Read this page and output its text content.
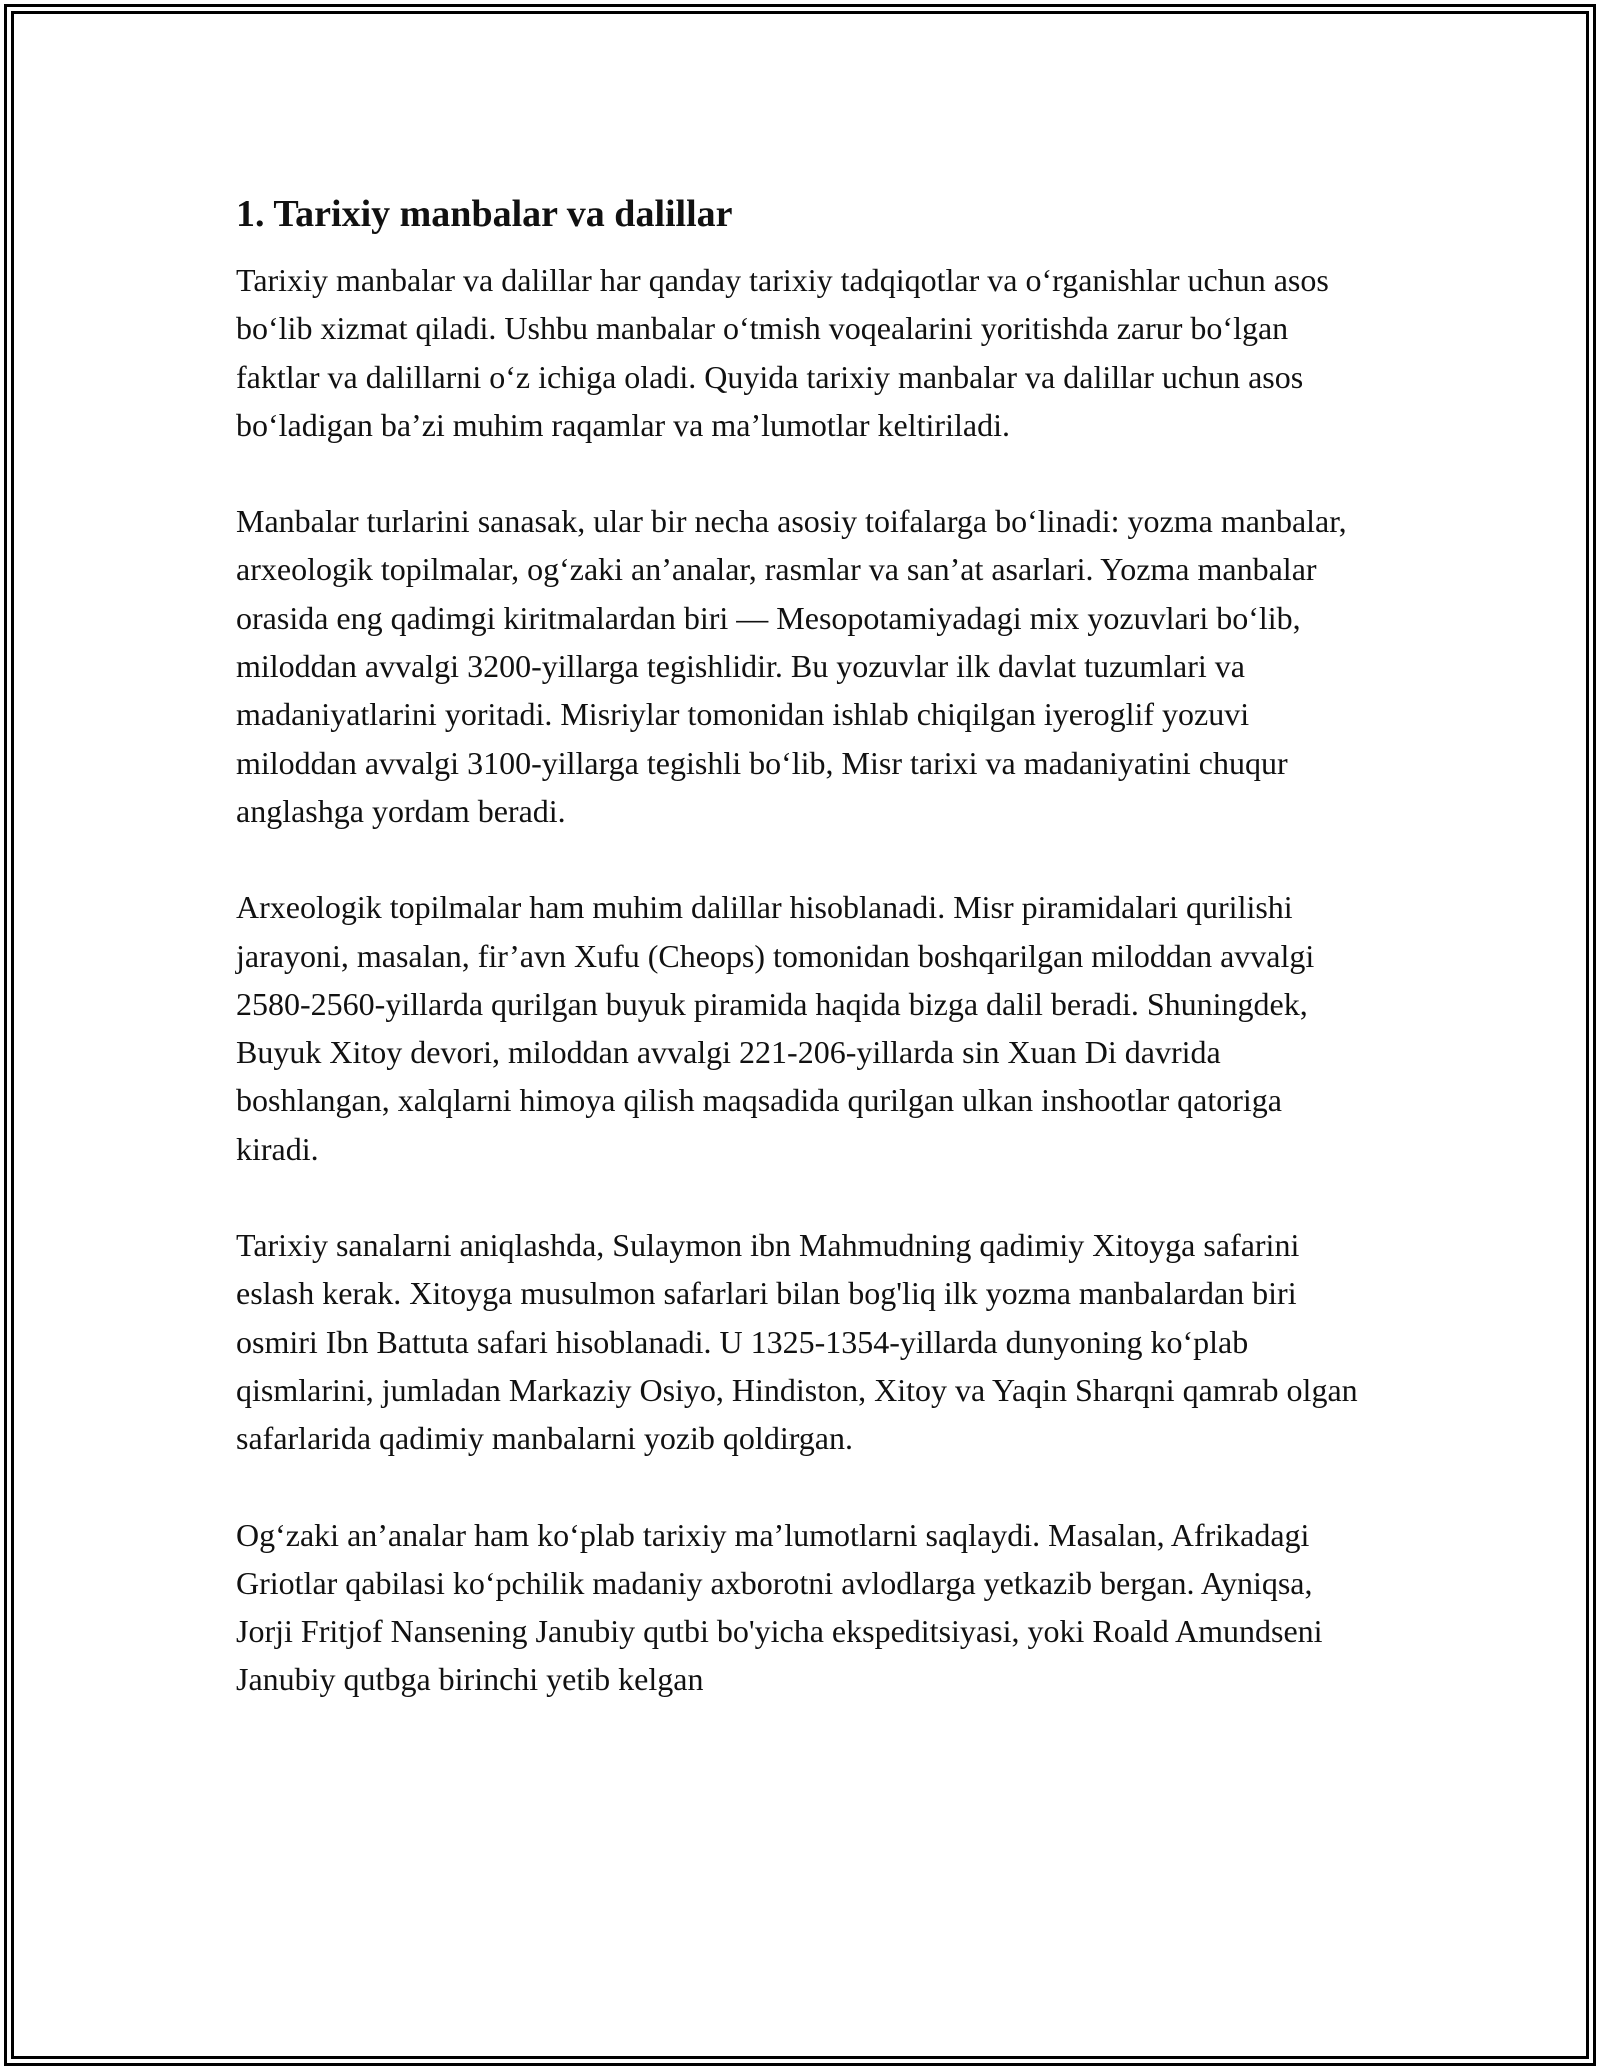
1. Tarixiy manbalar va dalillar

Tarixiy manbalar va dalillar har qanday tarixiy tadqiqotlar va o‘rganishlar uchun asos bo‘lib xizmat qiladi. Ushbu manbalar o‘tmish voqealarini yoritishda zarur bo‘lgan faktlar va dalillarni o‘z ichiga oladi. Quyida tarixiy manbalar va dalillar uchun asos bo‘ladigan ba’zi muhim raqamlar va ma’lumotlar keltiriladi.

Manbalar turlarini sanasak, ular bir necha asosiy toifalarga bo‘linadi: yozma manbalar, arxeologik topilmalar, og‘zaki an’analar, rasmlar va san’at asarlari. Yozma manbalar orasida eng qadimgi kiritmalardan biri — Mesopotamiyadagi mix yozuvlari bo‘lib, miloddan avvalgi 3200-yillarga tegishlidir. Bu yozuvlar ilk davlat tuzumlari va madaniyatlarini yoritadi. Misriylar tomonidan ishlab chiqilgan iyeroglif yozuvi miloddan avvalgi 3100-yillarga tegishli bo‘lib, Misr tarixi va madaniyatini chuqur anglashga yordam beradi.

Arxeologik topilmalar ham muhim dalillar hisoblanadi. Misr piramidalari qurilishi jarayoni, masalan, fir’avn Xufu (Cheops) tomonidan boshqarilgan miloddan avvalgi 2580-2560-yillarda qurilgan buyuk piramida haqida bizga dalil beradi. Shuningdek, Buyuk Xitoy devori, miloddan avvalgi 221-206-yillarda sin Xuan Di davrida boshlangan, xalqlarni himoya qilish maqsadida qurilgan ulkan inshootlar qatoriga kiradi.

Tarixiy sanalarni aniqlashda, Sulaymon ibn Mahmudning qadimiy Xitoyga safarini eslash kerak. Xitoyga musulmon safarlari bilan bog'liq ilk yozma manbalardan biri osmiri Ibn Battuta safari hisoblanadi. U 1325-1354-yillarda dunyoning ko‘plab qismlarini, jumladan Markaziy Osiyo, Hindiston, Xitoy va Yaqin Sharqni qamrab olgan safarlarida qadimiy manbalarni yozib qoldirgan.

Og‘zaki an’analar ham ko‘plab tarixiy ma’lumotlarni saqlaydi. Masalan, Afrikadagi Griotlar qabilasi ko‘pchilik madaniy axborotni avlodlarga yetkazib bergan. Ayniqsa, Jorji Fritjof Nansening Janubiy qutbi bo'yicha ekspeditsiyasi, yoki Roald Amundseni Janubiy qutbga birinchi yetib kelgan
